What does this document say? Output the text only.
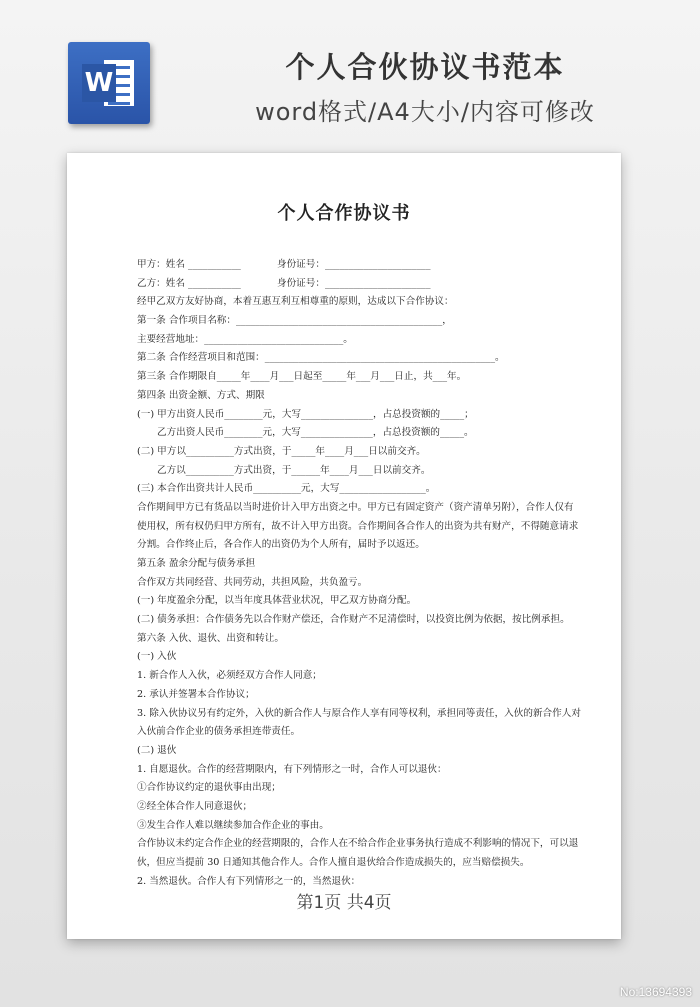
W	个人合伙协议书范本
word格式/A4大小/内容可修改
个人合作协议书
甲方：姓名 ___________	身份证号：______________________
乙方：姓名 ___________	身份证号：______________________
经甲乙双方友好协商，本着互惠互利互相尊重的原则，达成以下合作协议：
第一条 合作项目名称：___________________________________________，
主要经营地址：_____________________________。
第二条 合作经营项目和范围：________________________________________________。
第三条 合作期限自_____年____月___日起至_____年___月___日止，共___年。
第四条 出资金额、方式、期限
(一) 甲方出资人民币________元，大写_______________，占总投资额的_____；
乙方出资人民币________元，大写_______________，占总投资额的_____。
(二) 甲方以__________方式出资，于_____年____月___日以前交齐。
乙方以__________方式出资，于______年____月___日以前交齐。
(三) 本合作出资共计人民币__________元，大写__________________。
合作期间甲方已有货品以当时进价计入甲方出资之中。甲方已有固定资产（资产清单另附），合作人仅有使用权，所有权仍归甲方所有，故不计入甲方出资。合作期间各合作人的出资为共有财产，不得随意请求分割。合作终止后，各合作人的出资仍为个人所有，届时予以返还。
第五条 盈余分配与债务承担
合作双方共同经营、共同劳动，共担风险，共负盈亏。
(一) 年度盈余分配，以当年度具体营业状况，甲乙双方协商分配。
(二) 债务承担：合作债务先以合作财产偿还，合作财产不足清偿时，以投资比例为依据，按比例承担。
第六条 入伙、退伙、出资和转让。
(一) 入伙
1. 新合作人入伙，必须经双方合作人同意；
2. 承认并签署本合作协议；
3. 除入伙协议另有约定外，入伙的新合作人与原合作人享有同等权利，承担同等责任，入伙的新合作人对入伙前合作企业的债务承担连带责任。
(二) 退伙
1. 自愿退伙。合作的经营期限内，有下列情形之一时，合作人可以退伙：
①合作协议约定的退伙事由出现；
②经全体合作人同意退伙；
③发生合作人难以继续参加合作企业的事由。
合作协议未约定合作企业的经营期限的，合作人在不给合作企业事务执行造成不利影响的情况下，可以退伙，但应当提前 30 日通知其他合作人。合作人擅自退伙给合作造成损失的，应当赔偿损失。
2. 当然退伙。合作人有下列情形之一的，当然退伙：
第1页 共4页
No:13694393
